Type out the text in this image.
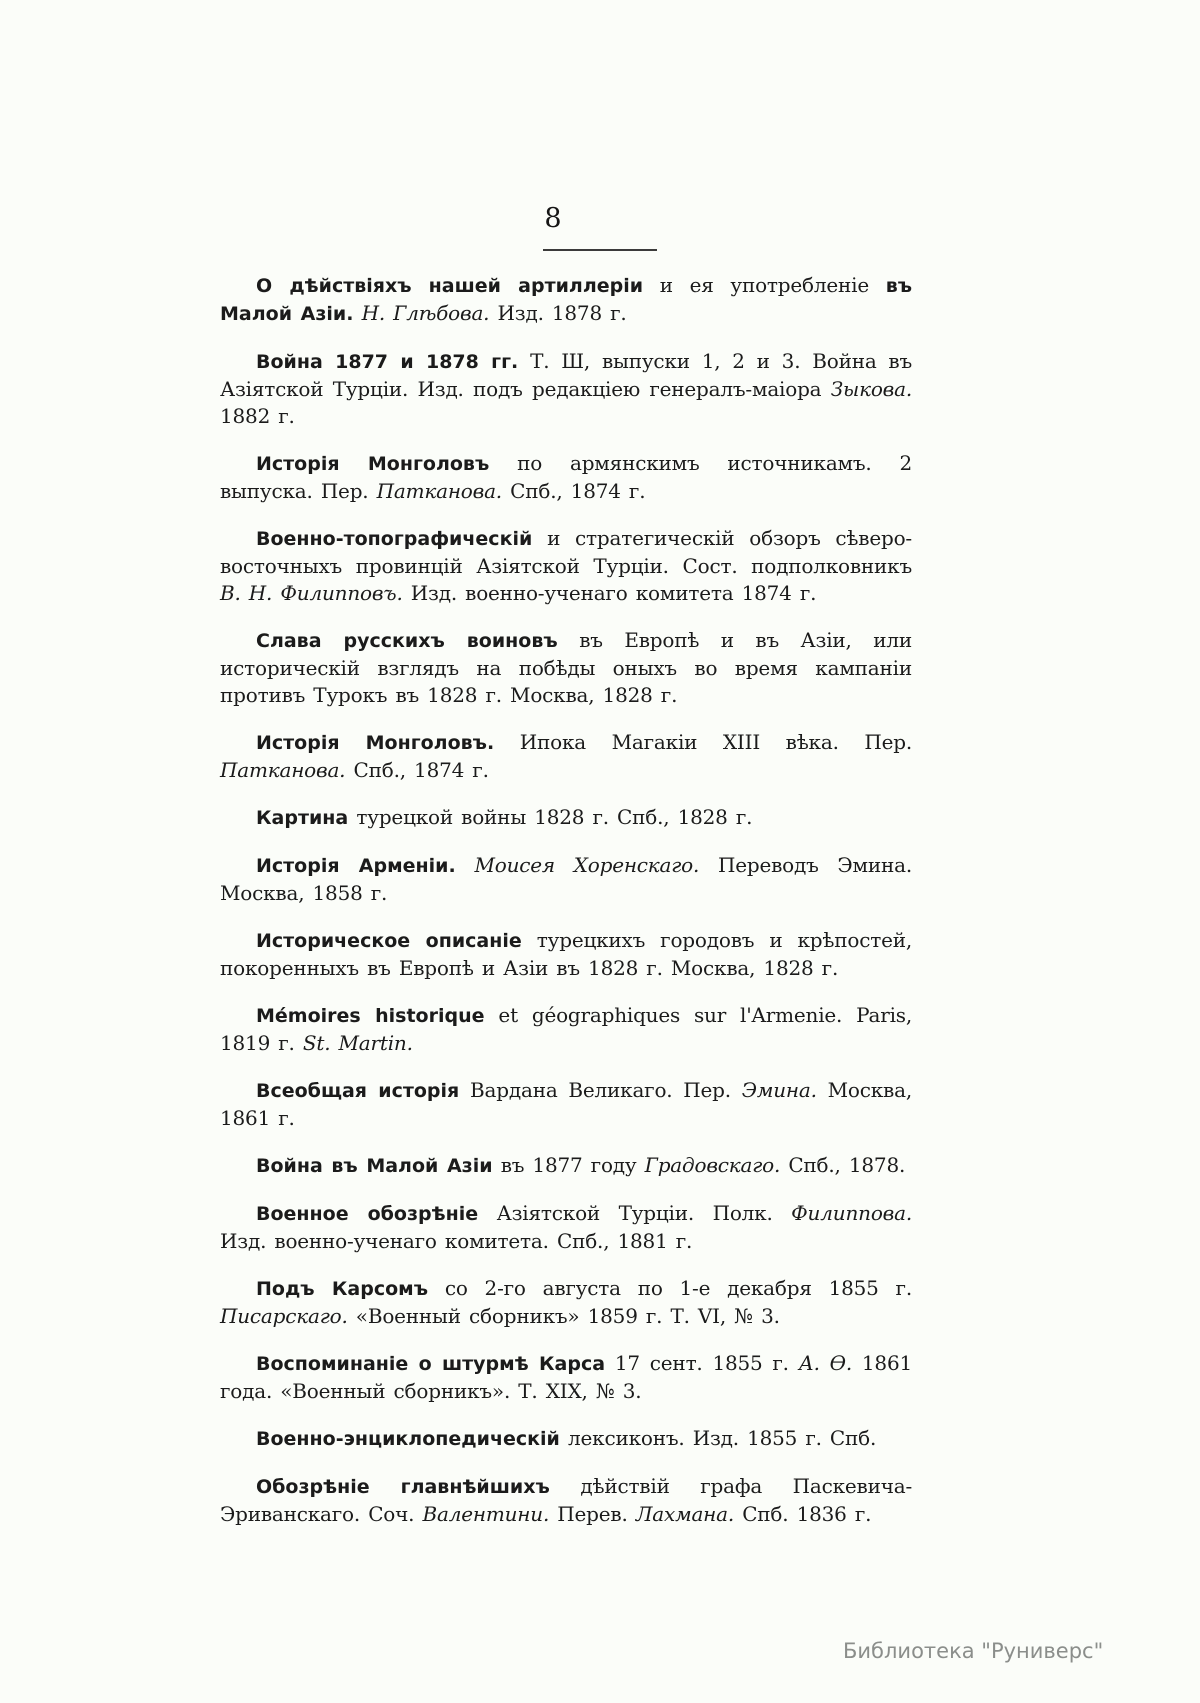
8

О дѣйствіяхъ нашей артиллеріи и ея употребленіе въ Малой Азіи. Н. Глѣбова. Изд. 1878 г.

Война 1877 и 1878 гг. Т. Ш, выпуски 1, 2 и 3. Война въ Азіятской Турціи. Изд. подъ редакціею генералъ-маіора Зыкова. 1882 г.

Исторія Монголовъ по армянскимъ источникамъ. 2 выпуска. Пер. Патканова. Спб., 1874 г.

Военно-топографическій и стратегическій обзоръ сѣверо-восточныхъ провинцій Азіятской Турціи. Сост. подполковникъ В. Н. Филипповъ. Изд. военно-ученаго комитета 1874 г.

Слава русскихъ воиновъ въ Европѣ и въ Азіи, или историческій взглядъ на побѣды оныхъ во время кампаніи противъ Турокъ въ 1828 г. Москва, 1828 г.

Исторія Монголовъ. Ипока Магакіи XIII вѣка. Пер. Патканова. Спб., 1874 г.

Картина турецкой войны 1828 г. Спб., 1828 г.

Исторія Арменіи. Моисея Хоренскаго. Переводъ Эмина. Москва, 1858 г.

Историческое описаніе турецкихъ городовъ и крѣпостей, покоренныхъ въ Европѣ и Азіи въ 1828 г. Москва, 1828 г.

Mémoires historique et géographiques sur l'Armenie. Paris, 1819 г. St. Martin.

Всеобщая исторія Вардана Великаго. Пер. Эмина. Москва, 1861 г.

Война въ Малой Азіи въ 1877 году Градовскаго. Спб., 1878.

Военное обозрѣніе Азіятской Турціи. Полк. Филиппова. Изд. военно-ученаго комитета. Спб., 1881 г.

Подъ Карсомъ со 2-го августа по 1-е декабря 1855 г. Писарскаго. «Военный сборникъ» 1859 г. Т. VI, № 3.

Воспоминаніе о штурмѣ Карса 17 сент. 1855 г. А. Ѳ. 1861 года. «Военный сборникъ». Т. XIX, № 3.

Военно-энциклопедическій лексиконъ. Изд. 1855 г. Спб.

Обозрѣніе главнѣйшихъ дѣйствій графа Паскевича-Эриванскаго. Соч. Валентини. Перев. Лахмана. Спб. 1836 г.

Библиотека "Руниверс"
